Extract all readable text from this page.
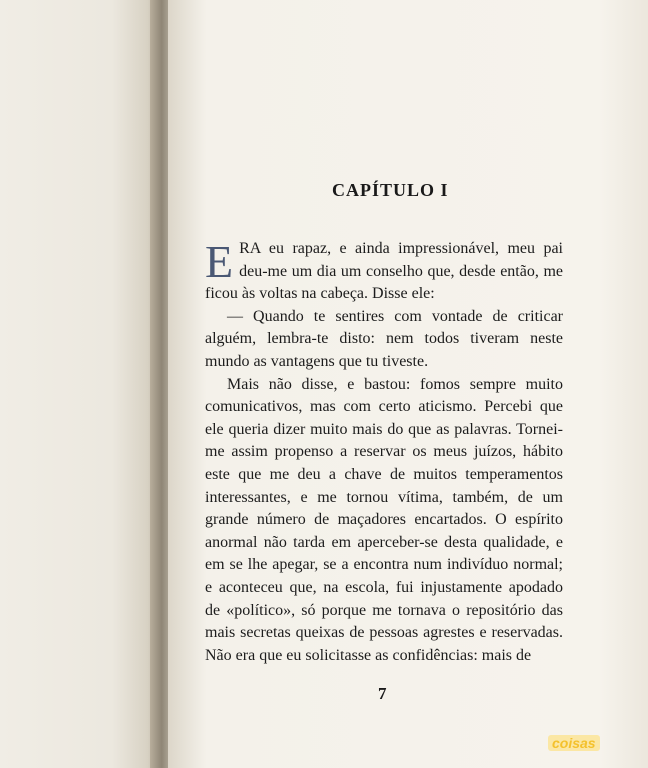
CAPÍTULO I

ERA eu rapaz, e ainda impressionável, meu pai deu-me um dia um conselho que, desde então, me ficou às voltas na cabeça. Disse ele:

— Quando te sentires com vontade de criticar alguém, lembra-te disto: nem todos tiveram neste mundo as vantagens que tu tiveste.

Mais não disse, e bastou: fomos sempre muito comunicativos, mas com certo aticismo. Percebi que ele queria dizer muito mais do que as palavras. Tornei-me assim propenso a reservar os meus juízos, hábito este que me deu a chave de muitos temperamentos interessantes, e me tornou vítima, também, de um grande número de maçadores encartados. O espírito anormal não tarda em aperceber-se desta qualidade, e em se lhe apegar, se a encontra num indivíduo normal; e aconteceu que, na escola, fui injustamente apodado de «político», só porque me tornava o repositório das mais secretas queixas de pessoas agrestes e reservadas. Não era que eu solicitasse as confidências: mais de

7
coisas
